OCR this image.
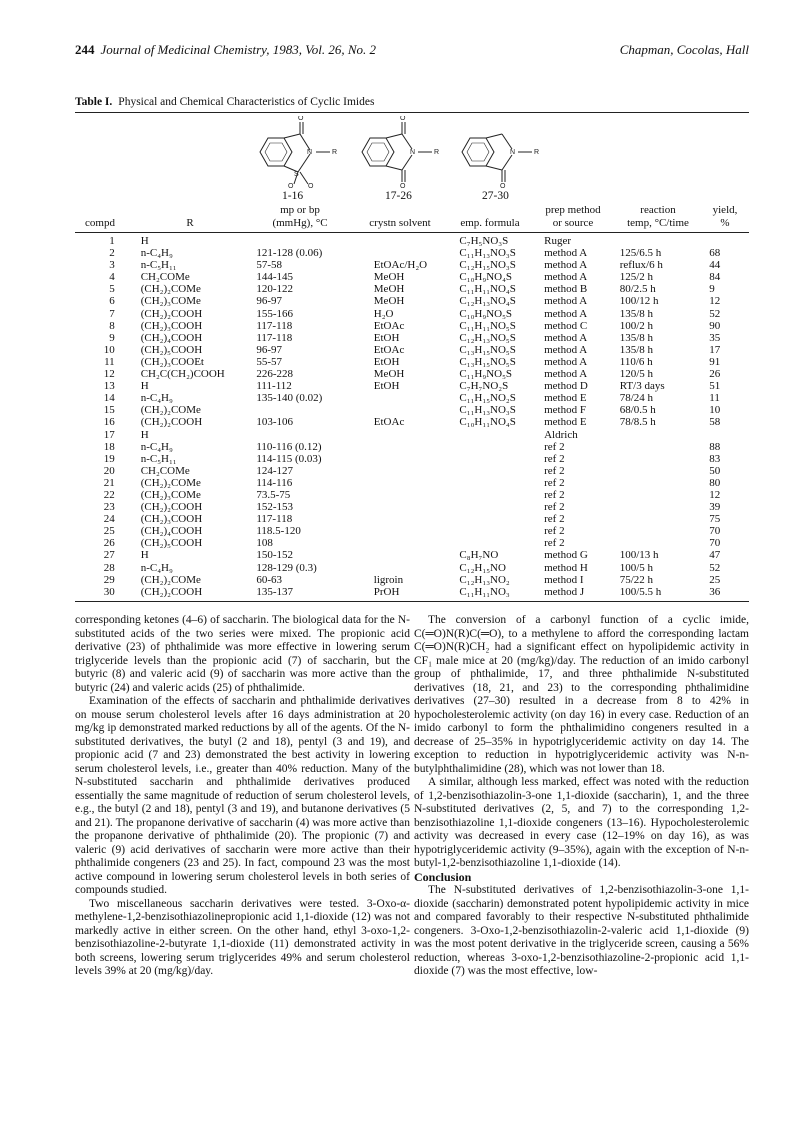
244 Journal of Medicinal Chemistry, 1983, Vol. 26, No. 2	Chapman, Cocolas, Hall
Table I. Physical and Chemical Characteristics of Cyclic Imides
O
N
S
O O
R
O
N
O
R	N
O
R
1-16	17-26	27-30
compd	R
mp or bp
(mmHg), °C	crystn solvent	emp. formula
prep method
or source
reaction
temp, °C/time
yield,
%
1	H			C₇H₅NO₃S	Ruger		
2	n-C₄H₉	121-128 (0.06)		C₁₁H₁₃NO₃S	method A	125/6.5 h	68
3	n-C₅H₁₁	57-58	EtOAc/H₂O	C₁₂H₁₅NO₃S	method A	reflux/6 h	44
4	CH₂COMe	144-145	MeOH	C₁₀H₉NO₄S	method A	125/2 h	84
5	(CH₂)₂COMe	120-122	MeOH	C₁₁H₁₁NO₄S	method B	80/2.5 h	9
6	(CH₂)₃COMe	96-97	MeOH	C₁₂H₁₃NO₄S	method A	100/12 h	12
7	(CH₂)₂COOH	155-166	H₂O	C₁₀H₉NO₅S	method A	135/8 h	52
8	(CH₂)₃COOH	117-118	EtOAc	C₁₁H₁₁NO₅S	method C	100/2 h	90
9	(CH₂)₄COOH	117-118	EtOH	C₁₂H₁₃NO₅S	method A	135/8 h	35
10	(CH₂)₅COOH	96-97	EtOAc	C₁₃H₁₅NO₅S	method A	135/8 h	17
11	(CH₂)₃COOEt	55-57	EtOH	C₁₃H₁₅NO₅S	method A	110/6 h	91
12	CH₂C(CH₂)COOH	226-228	MeOH	C₁₁H₉NO₅S	method A	120/5 h	26
13	H	111-112	EtOH	C₇H₇NO₂S	method D	RT/3 days	51
14	n-C₄H₉	135-140 (0.02)		C₁₁H₁₅NO₂S	method E	78/24 h	11
15	(CH₂)₂COMe			C₁₁H₁₃NO₃S	method F	68/0.5 h	10
16	(CH₂)₂COOH	103-106	EtOAc	C₁₀H₁₁NO₄S	method E	78/8.5 h	58
17	H				Aldrich		
18	n-C₄H₉	110-116 (0.12)			ref 2		88
19	n-C₅H₁₁	114-115 (0.03)			ref 2		83
20	CH₂COMe	124-127			ref 2		50
21	(CH₂)₂COMe	114-116			ref 2		80
22	(CH₂)₃COMe	73.5-75			ref 2		12
23	(CH₂)₂COOH	152-153			ref 2		39
24	(CH₂)₃COOH	117-118			ref 2		75
25	(CH₂)₄COOH	118.5-120			ref 2		70
26	(CH₂)₅COOH	108			ref 2		70
27	H	150-152		C₈H₇NO	method G	100/13 h	47
28	n-C₄H₉	128-129 (0.3)		C₁₂H₁₅NO	method H	100/5 h	52
29	(CH₂)₂COMe	60-63	ligroin	C₁₂H₁₃NO₂	method I	75/22 h	25
30	(CH₂)₂COOH	135-137	PrOH	C₁₁H₁₁NO₃	method J	100/5.5 h	36

corresponding ketones (4–6) of saccharin. The biological data for the N-substituted acids of the two series were mixed. The propionic acid derivative (23) of phthalimide was more effective in lowering serum triglyceride levels than the propionic acid (7) of saccharin, but the butyric (8) and valeric acid (9) of saccharin was more active than the butyric (24) and valeric acids (25) of phthalimide.

Examination of the effects of saccharin and phthalimide derivatives on mouse serum cholesterol levels after 16 days administration at 20 mg/kg ip demonstrated marked reductions by all of the agents. Of the N-substituted derivatives, the butyl (2 and 18), pentyl (3 and 19), and propionic acid (7 and 23) demonstrated the best activity in lowering serum cholesterol levels, i.e., greater than 40% reduction. Many of the N-substituted saccharin and phthalimide derivatives produced essentially the same magnitude of reduction of serum cholesterol levels, e.g., the butyl (2 and 18), pentyl (3 and 19), and butanone derivatives (5 and 21). The propanone derivative of saccharin (4) was more active than the propanone derivative of phthalimide (20). The propionic (7) and valeric (9) acid derivatives of saccharin were more active than their phthalimide congeners (23 and 25). In fact, compound 23 was the most active compound in lowering serum cholesterol levels in both series of compounds studied.

Two miscellaneous saccharin derivatives were tested. 3-Oxo-α-methylene-1,2-benzisothiazolinepropionic acid 1,1-dioxide (12) was not markedly active in either screen. On the other hand, ethyl 3-oxo-1,2-benzisothiazoline-2-butyrate 1,1-dioxide (11) demonstrated activity in both screens, lowering serum triglycerides 49% and serum cholesterol levels 39% at 20 (mg/kg)/day.

The conversion of a carbonyl function of a cyclic imide, C(═O)N(R)C(═O), to a methylene to afford the corresponding lactam C(═O)N(R)CH₂ had a significant effect on hypolipidemic activity in CF₁ male mice at 20 (mg/kg)/day. The reduction of an imido carbonyl group of phthalimide, 17, and three phthalimide N-substituted derivatives (18, 21, and 23) to the corresponding phthalimidine derivatives (27–30) resulted in a decrease from 8 to 42% in hypocholesterolemic activity (on day 16) in every case. Reduction of an imido carbonyl to form the phthalimidino congeners resulted in a decrease of 25–35% in hypotriglyceridemic activity on day 14. The exception to reduction in hypotriglyceridemic activity was N-n-butylphthalimidine (28), which was not lower than 18.

A similar, although less marked, effect was noted with the reduction of 1,2-benzisothiazolin-3-one 1,1-dioxide (saccharin), 1, and the three N-substituted derivatives (2, 5, and 7) to the corresponding 1,2-benzisothiazoline 1,1-dioxide congeners (13–16). Hypocholesterolemic activity was decreased in every case (12–19% on day 16), as was hypotriglyceridemic activity (9–35%), again with the exception of N-n-butyl-1,2-benzisothiazoline 1,1-dioxide (14).

Conclusion

The N-substituted derivatives of 1,2-benzisothiazolin-3-one 1,1-dioxide (saccharin) demonstrated potent hypolipidemic activity in mice and compared favorably to their respective N-substituted phthalimide congeners. 3-Oxo-1,2-benzisothiazolin-2-valeric acid 1,1-dioxide (9) was the most potent derivative in the triglyceride screen, causing a 56% reduction, whereas 3-oxo-1,2-benzisothiazoline-2-propionic acid 1,1-dioxide (7) was the most effective, low-
